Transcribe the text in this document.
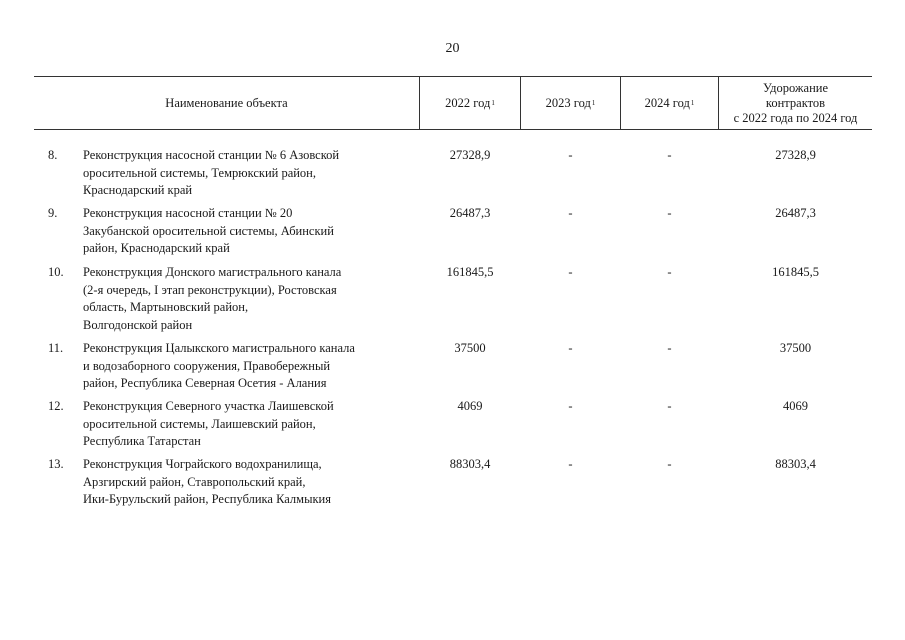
20
Наименование объекта	2022 год 1	2023 год 1	2024 год 1
Удорожание
контрактов
с 2022 года по 2024 год
8. Реконструкция насосной станции № 6 Азовской
оросительной системы, Темрюкский район,
Краснодарский край
27328,9	-	-	27328,9
9. Реконструкция насосной станции № 20
Закубанской оросительной системы, Абинский
район, Краснодарский край
26487,3	-	-	26487,3
10. Реконструкция Донского магистрального канала
(2-я очередь, I этап реконструкции), Ростовская
область, Мартыновский район,
Волгодонской район
161845,5	-	-	161845,5
11. Реконструкция Цалыкского магистрального канала
и водозаборного сооружения, Правобережный
район, Республика Северная Осетия - Алания
37500	-	-	37500
12. Реконструкция Северного участка Лаишевской
оросительной системы, Лаишевский район,
Республика Татарстан
4069	-	-	4069
13. Реконструкция Чограйского водохранилища,
Арзгирский район, Ставропольский край,
Ики-Бурульский район, Республика Калмыкия
88303,4	-	-	88303,4
